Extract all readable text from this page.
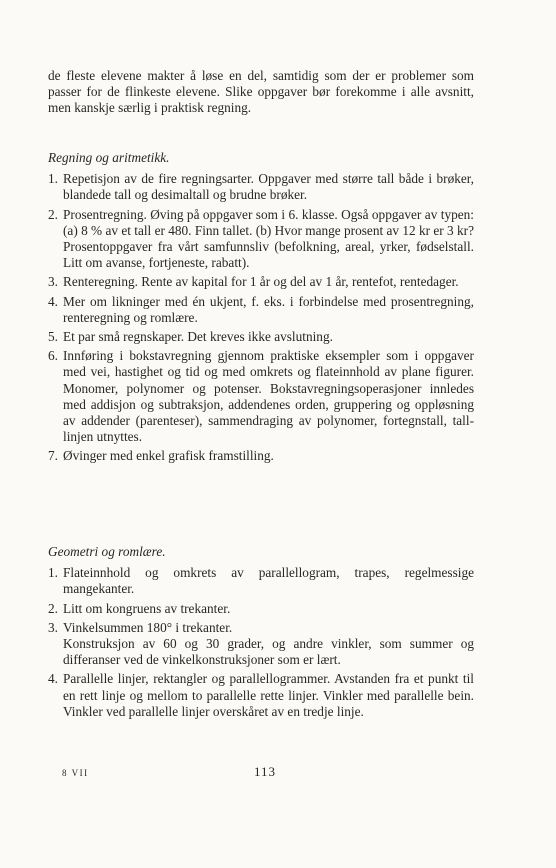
de fleste elevene makter å løse en del, samtidig som der er problemer som passer for de flinkeste elevene. Slike oppgaver bør forekomme i alle avsnitt, men kanskje særlig i praktisk regning.
Regning og aritmetikk.
1. Repetisjon av de fire regningsarter. Oppgaver med større tall både i brøker, blandede tall og desimaltall og brudne brøker.
2. Prosentregning. Øving på oppgaver som i 6. klasse. Også oppgaver av typen: (a) 8 % av et tall er 480. Finn tallet. (b) Hvor mange prosent av 12 kr er 3 kr? Prosentoppgaver fra vårt samfunnsliv (befolkning, areal, yrker, fødselstall. Litt om avanse, fortjeneste, rabatt).
3. Renteregning. Rente av kapital for 1 år og del av 1 år, rentefot, rentedager.
4. Mer om likninger med én ukjent, f. eks. i forbindelse med prosentregning, renteregning og romlære.
5. Et par små regnskaper. Det kreves ikke avslutning.
6. Innføring i bokstavregning gjennom praktiske eksempler som i oppgaver med vei, hastighet og tid og med omkrets og flateinnhold av plane figurer. Monomer, polynomer og potenser. Bokstavregningsoperasjoner innledes med addisjon og subtraksjon, addendenes orden, gruppering og oppløsning av addender (parenteser), sammendraging av polynomer, fortegnstall, tall-linjen utnyttes.
7. Øvinger med enkel grafisk framstilling.
Geometri og romlære.
1. Flateinnhold og omkrets av parallellogram, trapes, regelmessige mangekanter.
2. Litt om kongruens av trekanter.
3. Vinkelsummen 180° i trekanter.
Konstruksjon av 60 og 30 grader, og andre vinkler, som summer og differanser ved de vinkelkonstruksjoner som er lært.
4. Parallelle linjer, rektangler og parallellogrammer. Avstanden fra et punkt til en rett linje og mellom to parallelle rette linjer. Vinkler med parallelle bein. Vinkler ved parallelle linjer overskåret av en tredje linje.
8 VII	113
